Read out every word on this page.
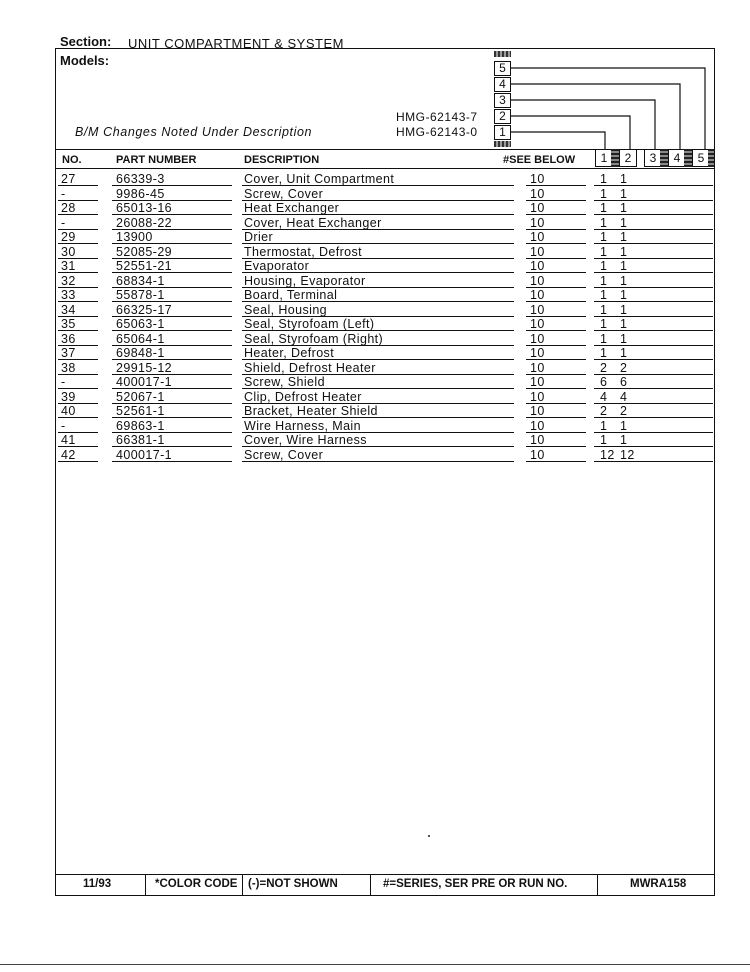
Section: UNIT COMPARTMENT & SYSTEM
Models:
B/M Changes Noted Under Description
5
4
3
2
1
HMG-62143-7
HMG-62143-0
NO.	PART NUMBER	DESCRIPTION	#SEE BELOW	1	2	3	4	5
27	66339-3	Cover, Unit Compartment	10	1 1
-	9986-45	Screw, Cover	10	1 1
28	65013-16	Heat Exchanger	10	1 1
-	26088-22	Cover, Heat Exchanger	10	1 1
29	13900	Drier	10	1 1
30	52085-29	Thermostat, Defrost	10	1 1
31	52551-21	Evaporator	10	1 1
32	68834-1	Housing, Evaporator	10	1 1
33	55878-1	Board, Terminal	10	1 1
34	66325-17	Seal, Housing	10	1 1
35	65063-1	Seal, Styrofoam (Left)	10	1 1
36	65064-1	Seal, Styrofoam (Right)	10	1 1
37	69848-1	Heater, Defrost	10	1 1
38	29915-12	Shield, Defrost Heater	10	2 2
-	400017-1	Screw, Shield	10	6 6
39	52067-1	Clip, Defrost Heater	10	4 4
40	52561-1	Bracket, Heater Shield	10	2 2
-	69863-1	Wire Harness, Main	10	1 1
41	66381-1	Cover, Wire Harness	10	1 1
42	400017-1	Screw, Cover	10	12 12
11/93	*COLOR CODE (-)=NOT SHOWN	#=SERIES, SER PRE OR RUN NO.	MWRA158
